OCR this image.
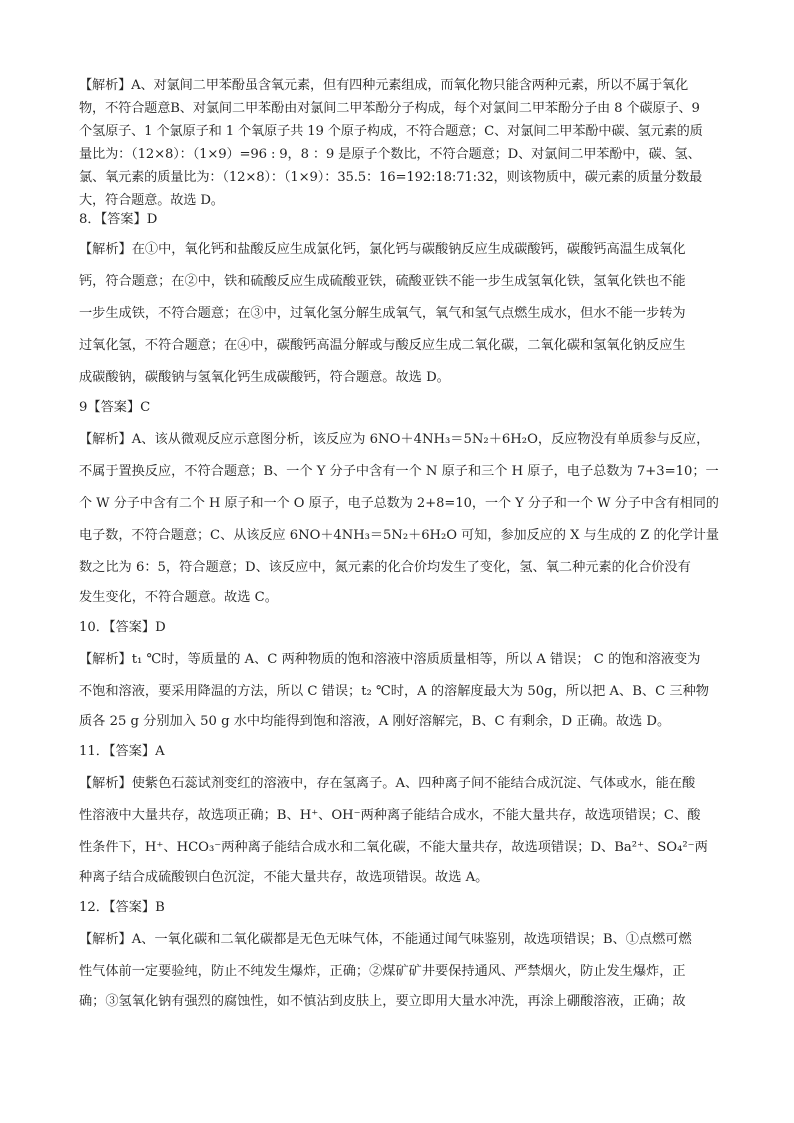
【解析】A、对氯间二甲苯酚虽含氧元素，但有四种元素组成，而氧化物只能含两种元素，所以不属于氧化
物，不符合题意B、对氯间二甲苯酚由对氯间二甲苯酚分子构成，每个对氯间二甲苯酚分子由 8 个碳原子、9
个氢原子、1 个氯原子和 1 个氧原子共 19 个原子构成，不符合题意；C、对氯间二甲苯酚中碳、氢元素的质
量比为：（12×8）：（1×9）=96 : 9，8 ：9 是原子个数比，不符合题意；D、对氯间二甲苯酚中，碳、氢、
氯、氧元素的质量比为：（12×8）：（1×9）：35.5：16=192:18:71:32，则该物质中，碳元素的质量分数最
大，符合题意。故选 D。
8．【答案】D
【解析】在①中，氧化钙和盐酸反应生成氯化钙，氯化钙与碳酸钠反应生成碳酸钙，碳酸钙高温生成氧化
钙，符合题意；在②中，铁和硫酸反应生成硫酸亚铁，硫酸亚铁不能一步生成氢氧化铁，氢氧化铁也不能
一步生成铁，不符合题意；在③中，过氧化氢分解生成氧气，氧气和氢气点燃生成水，但水不能一步转为
过氧化氢，不符合题意；在④中，碳酸钙高温分解或与酸反应生成二氧化碳，二氧化碳和氢氧化钠反应生
成碳酸钠，碳酸钠与氢氧化钙生成碳酸钙，符合题意。故选 D。
9【答案】C
【解析】A、该从微观反应示意图分析，该反应为 6NO＋4NH₃＝5N₂＋6H₂O，反应物没有单质参与反应，
不属于置换反应，不符合题意；B、一个 Y 分子中含有一个 N 原子和三个 H 原子，电子总数为 7+3=10；一
个 W 分子中含有二个 H 原子和一个 O 原子，电子总数为 2+8=10，一个 Y 分子和一个 W 分子中含有相同的
电子数，不符合题意；C、从该反应 6NO＋4NH₃＝5N₂＋6H₂O 可知，参加反应的 X 与生成的 Z 的化学计量
数之比为 6：5，符合题意；D、该反应中，氮元素的化合价均发生了变化，氢、氧二种元素的化合价没有
发生变化，不符合题意。故选 C。
10．【答案】D
【解析】t₁ ℃时，等质量的 A、C 两种物质的饱和溶液中溶质质量相等，所以 A 错误； C 的饱和溶液变为
不饱和溶液，要采用降温的方法，所以 C 错误；t₂ ℃时，A 的溶解度最大为 50g，所以把 A、B、C 三种物
质各 25 g 分别加入 50 g 水中均能得到饱和溶液，A 刚好溶解完，B、C 有剩余，D 正确。故选 D。
11．【答案】A
【解析】使紫色石蕊试剂变红的溶液中，存在氢离子。A、四种离子间不能结合成沉淀、气体或水，能在酸
性溶液中大量共存，故选项正确；B、H⁺、OH⁻两种离子能结合成水，不能大量共存，故选项错误；C、酸
性条件下，H⁺、HCO₃⁻两种离子能结合成水和二氧化碳，不能大量共存，故选项错误；D、Ba²⁺、SO₄²⁻两
种离子结合成硫酸钡白色沉淀，不能大量共存，故选项错误。故选 A。
12．【答案】B
【解析】A、一氧化碳和二氧化碳都是无色无味气体，不能通过闻气味鉴别，故选项错误；B、①点燃可燃
性气体前一定要验纯，防止不纯发生爆炸，正确；②煤矿矿井要保持通风、严禁烟火，防止发生爆炸，正
确；③氢氧化钠有强烈的腐蚀性，如不慎沾到皮肤上，要立即用大量水冲洗，再涂上硼酸溶液，正确；故
